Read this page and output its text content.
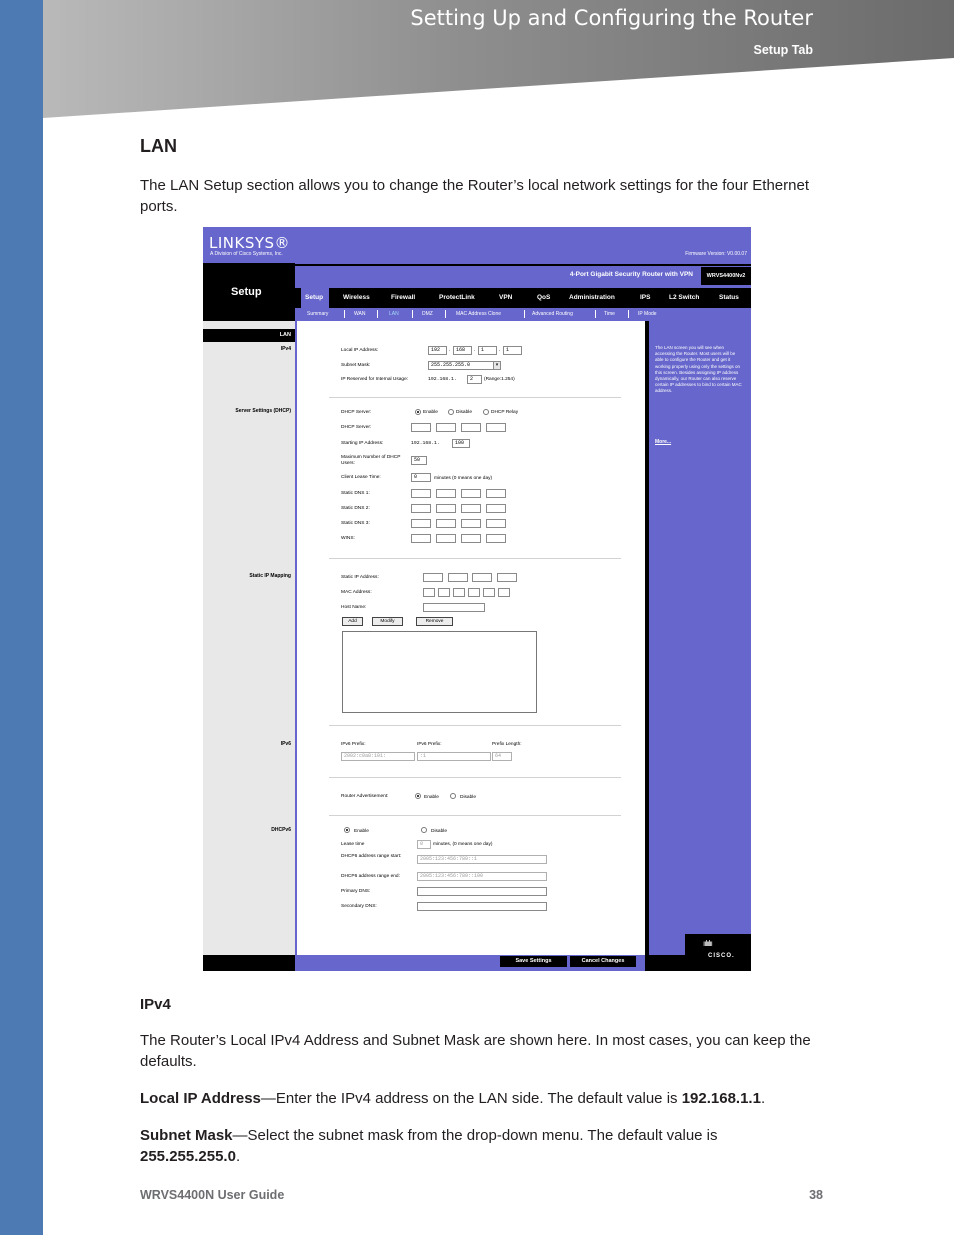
Setting Up and Configuring the Router
Setup Tab
LAN
The LAN Setup section allows you to change the Router’s local network settings for the four Ethernet ports.
LINKSYS®
A Division of Cisco Systems, Inc.	Firmware Version: V0.00.07
Setup
4-Port Gigabit Security Router with VPN	WRVS4400Nv2
Setup	Wireless	Firewall	ProtectLink	VPN	QoS	Administration	IPS	L2 Switch	Status
Summary	WAN	LAN	DMZ	MAC Address Clone	Advanced Routing	Time	IP Mode
LAN
IPv4
Server Settings (DHCP)
Static IP Mapping
IPv6
DHCPv6
Local IP Address:	192	.	168	.	1	.	1
Subnet Mask:	255.255.255.0	▾
IP Reserved for Internal Usage:	192.168.1.	2	(Range:1.254)
DHCP Server:	Enable	Disable	DHCP Relay
DHCP Server:
Starting IP Address:	192.168.1.	100
Maximum Number of DHCP Users:
50
Client Lease Time:	0	minutes (0 means one day)
Static DNS 1:
Static DNS 2:
Static DNS 3:
WINS:
Static IP Address:
MAC Address:
Host Name:
Add	Modify	Remove
IPv6 Prefix:	IPv6 Prefix:	Prefix Length:
2002:c0a8:101:	:1	64
Router Advertisement:	Enable	Disable
Enable	Disable
Lease time	0	minutes, (0 means one day)
DHCP6 address range start:	2005:123:456:789::1
DHCP6 address range end:	2005:123:456:789::100
Primary DNS:
Secondary DNS:
The LAN screen you will see when accessing the Router. Most users will be able to configure the Router and get it working properly using only the settings on this screen. Besides assigning IP address dynamically, our Router can also reserve certain IP addresses to bind to certain MAC address.
More...
ıılıılıı
CISCO.
Save Settings	Cancel Changes
IPv4
The Router’s Local IPv4 Address and Subnet Mask are shown here. In most cases, you can keep the defaults.
Local IP Address—Enter the IPv4 address on the LAN side. The default value is 192.168.1.1.
Subnet Mask—Select the subnet mask from the drop-down menu. The default value is 255.255.255.0.
WRVS4400N User Guide	38
